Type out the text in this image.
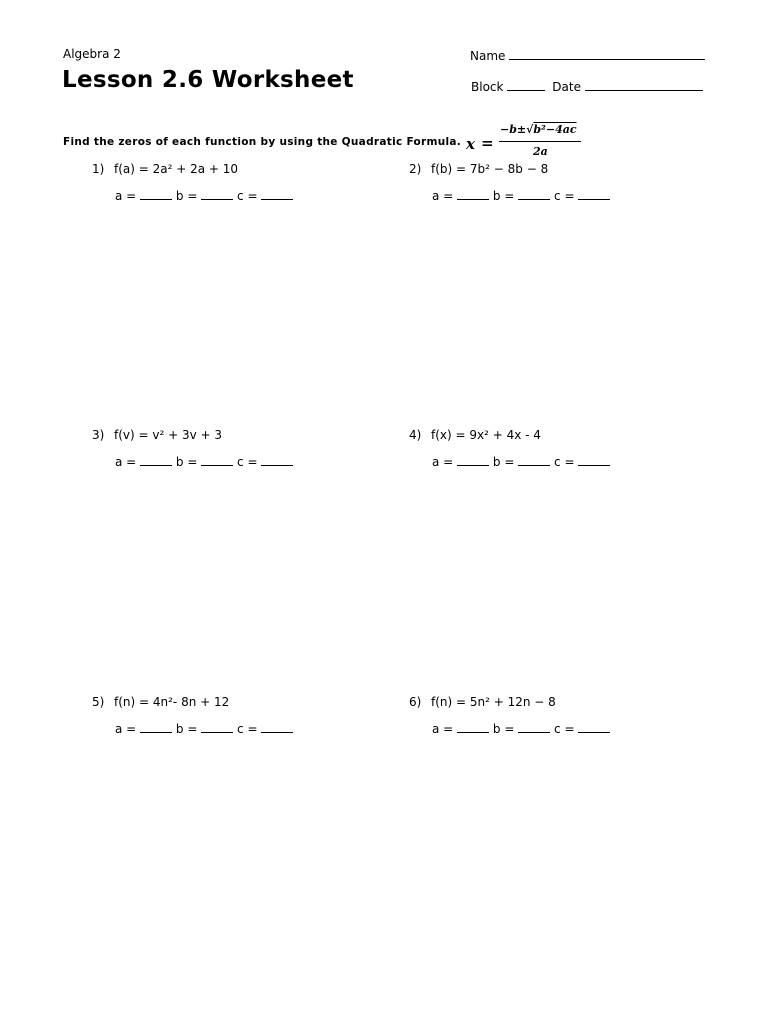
Algebra 2
Lesson 2.6 Worksheet
Name
Block	Date
Find the zeros of each function by using the Quadratic Formula. x =
−b±√b²−4ac
2a
1) f(a) = 2a² + 2a + 10
a =	b =	c =
2) f(b) = 7b² − 8b − 8
a =	b =	c =
3) f(v) = v² + 3v + 3
a =	b =	c =
4) f(x) = 9x² + 4x - 4
a =	b =	c =
5) f(n) = 4n²- 8n + 12
a =	b =	c =
6) f(n) = 5n² + 12n − 8
a =	b =	c =
